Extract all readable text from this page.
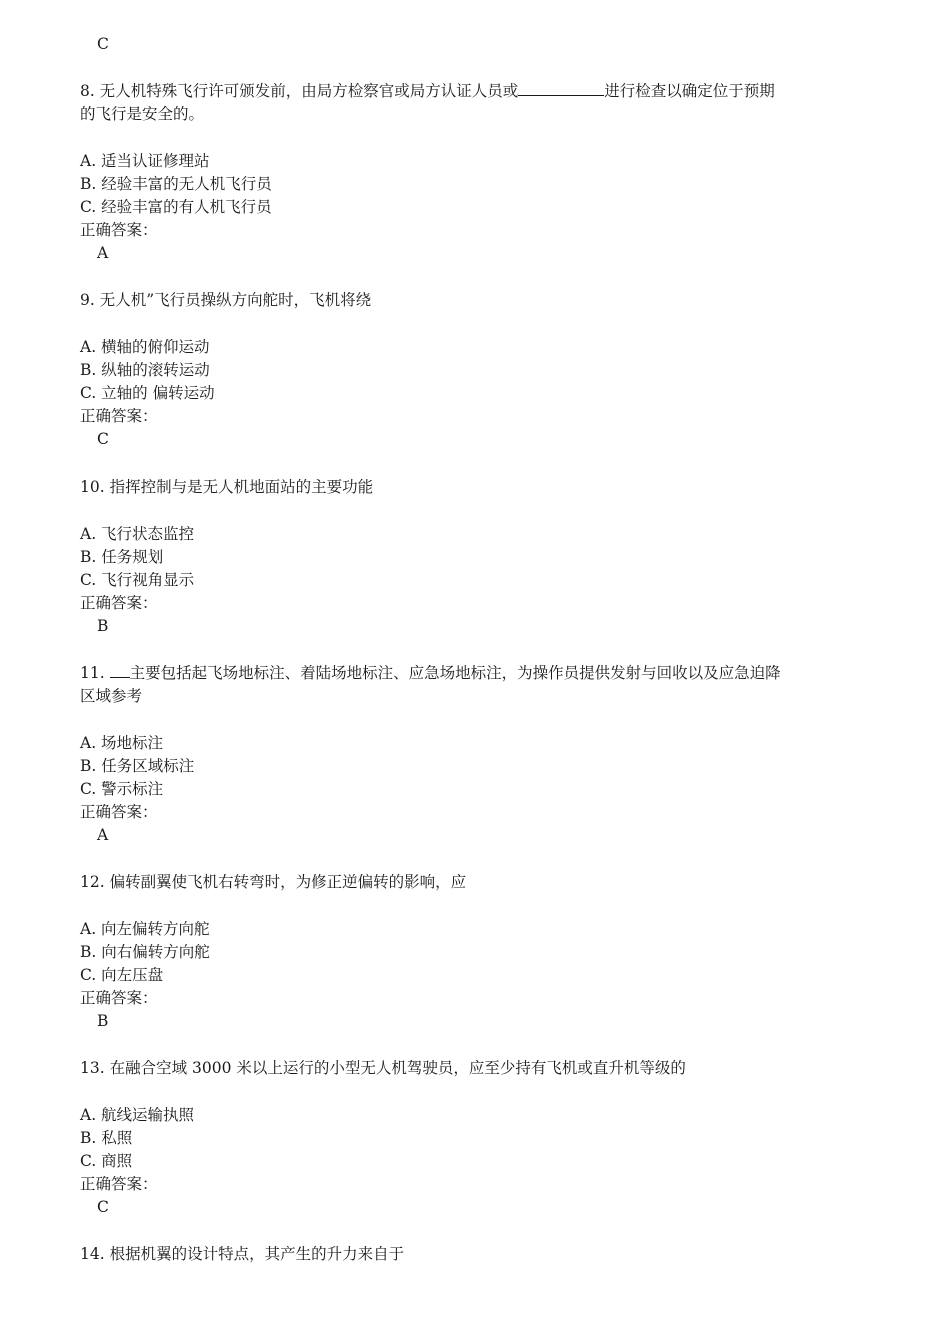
C
8. 无人机特殊飞行许可颁发前，由局方检察官或局方认证人员或	进行检查以确定位于预期
的飞行是安全的。
A. 适当认证修理站
B. 经验丰富的无人机飞行员
C. 经验丰富的有人机飞行员
正确答案：
A
9. 无人机”飞行员操纵方向舵时，飞机将绕
A. 横轴的俯仰运动
B. 纵轴的滚转运动
C. 立轴的 偏转运动
正确答案：
C
10. 指挥控制与是无人机地面站的主要功能
A. 飞行状态监控
B. 任务规划
C. 飞行视角显示
正确答案：
B
11. 主要包括起飞场地标注、着陆场地标注、应急场地标注，为操作员提供发射与回收以及应急迫降
区域参考
A. 场地标注
B. 任务区域标注
C. 警示标注
正确答案：
A
12. 偏转副翼使飞机右转弯时，为修正逆偏转的影响，应
A. 向左偏转方向舵
B. 向右偏转方向舵
C. 向左压盘
正确答案：
B
13. 在融合空域 3000 米以上运行的小型无人机驾驶员，应至少持有飞机或直升机等级的
A. 航线运输执照
B. 私照
C. 商照
正确答案：
C
14. 根据机翼的设计特点，其产生的升力来自于
